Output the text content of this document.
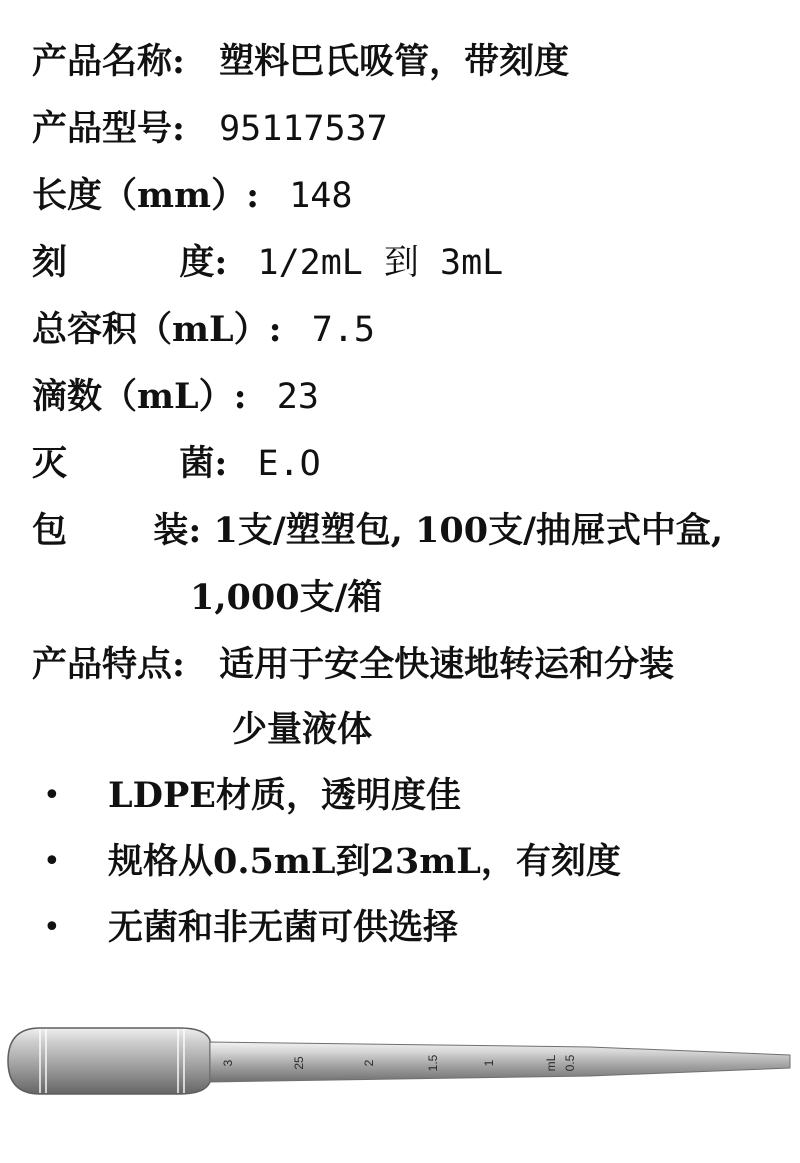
产品名称: 塑料巴氏吸管，带刻度
产品型号: 95117537
长度（mm）: 148
刻	度: 1/2mL 到 3mL
总容积（mL）: 7.5
滴数（mL）: 23
灭	菌: E.O
包 装: 1支/塑塑包, 100支/抽屉式中盒,
1,000支/箱
产品特点: 适用于安全快速地转运和分装
少量液体
• LDPE材质，透明度佳
• 规格从0.5mL到23mL，有刻度
• 无菌和非无菌可供选择
3	25	2	1.5	1	mL 0.5
